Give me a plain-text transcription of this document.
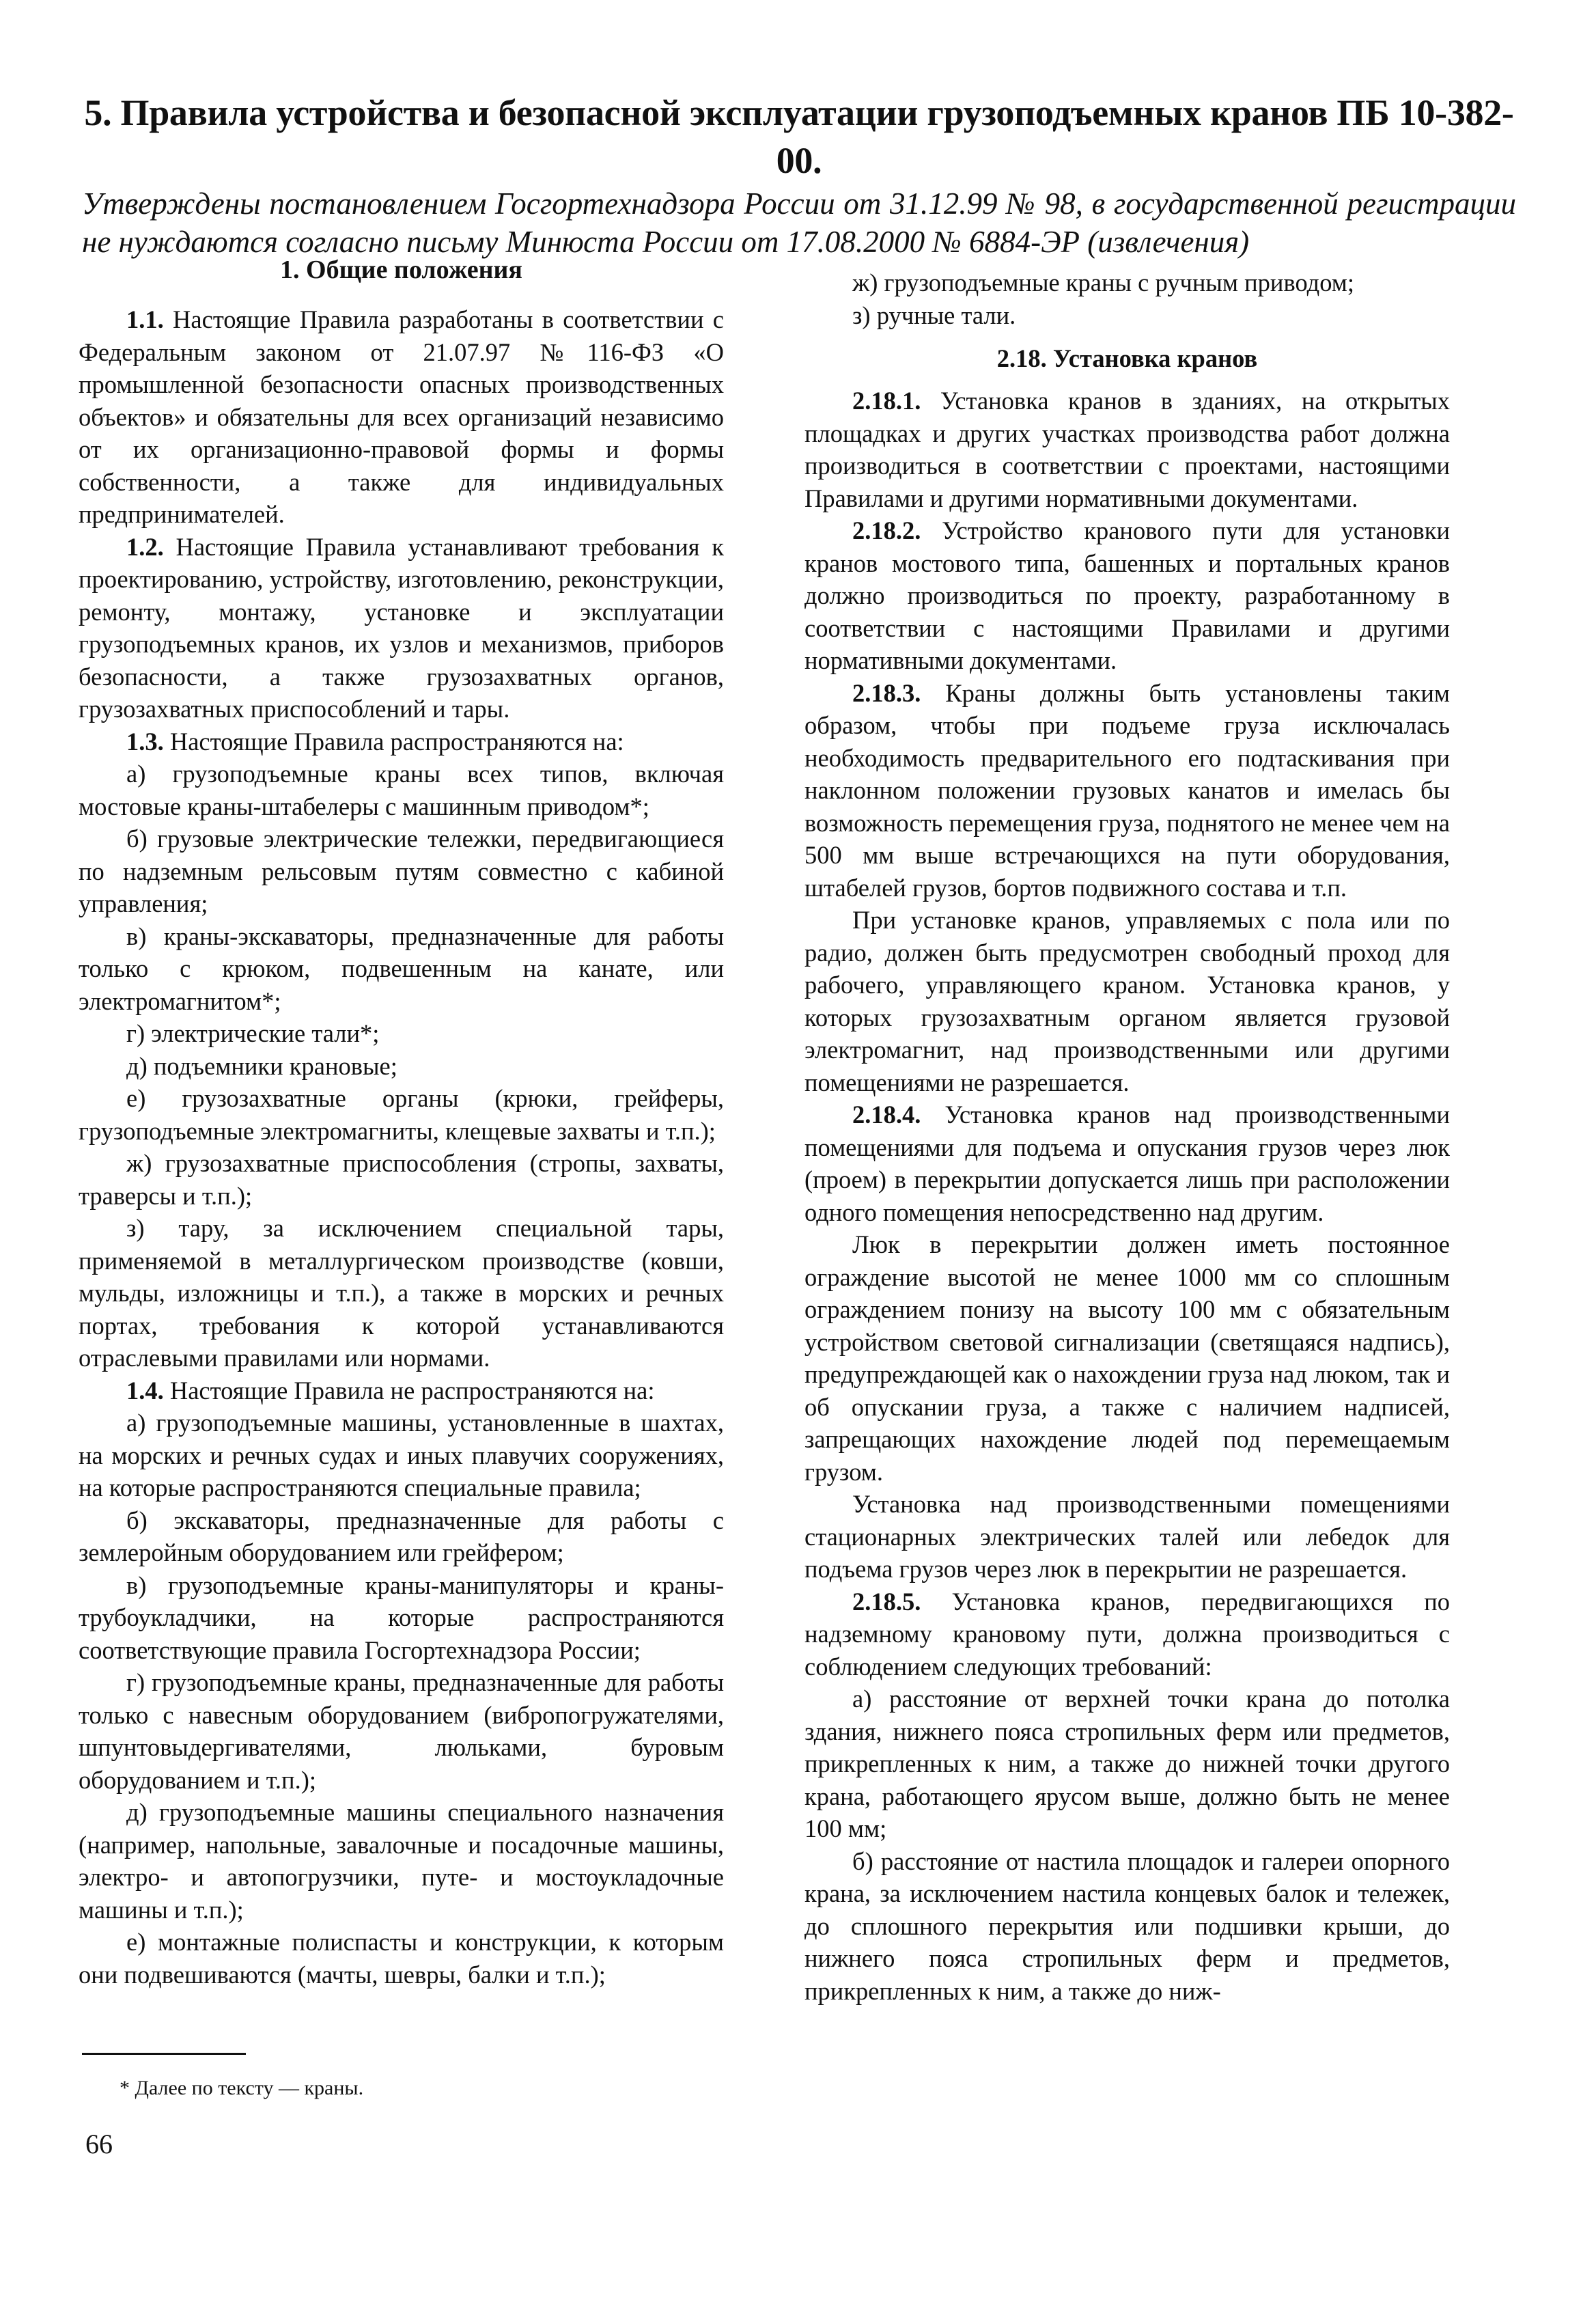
5. Правила устройства и безопасной эксплуатации грузоподъемных кранов ПБ 10-382-00.

Утверждены постановлением Госгортехнадзора России от 31.12.99 № 98, в государственной регистрации не нуждаются согласно письму Минюста России от 17.08.2000 № 6884-ЭР (извлечения)

1. Общие положения

1.1. Настоящие Правила разработаны в соответствии с Федеральным законом от 21.07.97 №116-ФЗ «О промышленной безопасности опасных производственных объектов» и обязательны для всех организаций независимо от их организационно-правовой формы и формы собственности, а также для индивидуальных предпринимателей.

1.2. Настоящие Правила устанавливают требования к проектированию, устройству, изготовлению, реконструкции, ремонту, монтажу, установке и эксплуатации грузоподъемных кранов, их узлов и механизмов, приборов безопасности, а также грузозахватных органов, грузозахватных приспособлений и тары.

1.3. Настоящие Правила распространяются на:

а) грузоподъемные краны всех типов, включая мостовые краны-штабелеры с машинным приводом*;

б) грузовые электрические тележки, передвигающиеся по надземным рельсовым путям совместно с кабиной управления;

в) краны-экскаваторы, предназначенные для работы только с крюком, подвешенным на канате, или электромагнитом*;

г) электрические тали*;

д) подъемники крановые;

е) грузозахватные органы (крюки, грейферы, грузоподъемные электромагниты, клещевые захваты и т.п.);

ж) грузозахватные приспособления (стропы, захваты, траверсы и т.п.);

з) тару, за исключением специальной тары, применяемой в металлургическом производстве (ковши, мульды, изложницы и т.п.), а также в морских и речных портах, требования к которой устанавливаются отраслевыми правилами или нормами.

1.4. Настоящие Правила не распространяются на:

а) грузоподъемные машины, установленные в шахтах, на морских и речных судах и иных плавучих сооружениях, на которые распространяются специальные правила;

б) экскаваторы, предназначенные для работы с землеройным оборудованием или грейфером;

в) грузоподъемные краны-манипуляторы и краны-трубоукладчики, на которые распространяются соответствующие правила Госгортехнадзора России;

г) грузоподъемные краны, предназначенные для работы только с навесным оборудованием (вибропогружателями, шпунтовыдергивателями, люльками, буровым оборудованием и т.п.);

д) грузоподъемные машины специального назначения (например, напольные, завалочные и посадочные машины, электро- и автопогрузчики, путе- и мостоукладочные машины и т.п.);

е) монтажные полиспасты и конструкции, к которым они подвешиваются (мачты, шевры, балки и т.п.);

ж) грузоподъемные краны с ручным приводом;

з) ручные тали.

2.18. Установка кранов

2.18.1. Установка кранов в зданиях, на открытых площадках и других участках производства работ должна производиться в соответствии с проектами, настоящими Правилами и другими нормативными документами.

2.18.2. Устройство кранового пути для установки кранов мостового типа, башенных и портальных кранов должно производиться по проекту, разработанному в соответствии с настоящими Правилами и другими нормативными документами.

2.18.3. Краны должны быть установлены таким образом, чтобы при подъеме груза исключалась необходимость предварительного его подтаскивания при наклонном положении грузовых канатов и имелась бы возможность перемещения груза, поднятого не менее чем на 500 мм выше встречающихся на пути оборудования, штабелей грузов, бортов подвижного состава и т.п.

При установке кранов, управляемых с пола или по радио, должен быть предусмотрен свободный проход для рабочего, управляющего краном. Установка кранов, у которых грузозахватным органом является грузовой электромагнит, над производственными или другими помещениями не разрешается.

2.18.4. Установка кранов над производственными помещениями для подъема и опускания грузов через люк (проем) в перекрытии допускается лишь при расположении одного помещения непосредственно над другим.

Люк в перекрытии должен иметь постоянное ограждение высотой не менее 1000 мм со сплошным ограждением понизу на высоту 100 мм с обязательным устройством световой сигнализации (светящаяся надпись), предупреждающей как о нахождении груза над люком, так и об опускании груза, а также с наличием надписей, запрещающих нахождение людей под перемещаемым грузом.

Установка над производственными помещениями стационарных электрических талей или лебедок для подъема грузов через люк в перекрытии не разрешается.

2.18.5. Установка кранов, передвигающихся по надземному крановому пути, должна производиться с соблюдением следующих требований:

а) расстояние от верхней точки крана до потолка здания, нижнего пояса стропильных ферм или предметов, прикрепленных к ним, а также до нижней точки другого крана, работающего ярусом выше, должно быть не менее 100 мм;

б) расстояние от настила площадок и галереи опорного крана, за исключением настила концевых балок и тележек, до сплошного перекрытия или подшивки крыши, до нижнего пояса стропильных ферм и предметов, прикрепленных к ним, а также до ниж-

* Далее по тексту — краны.
66
